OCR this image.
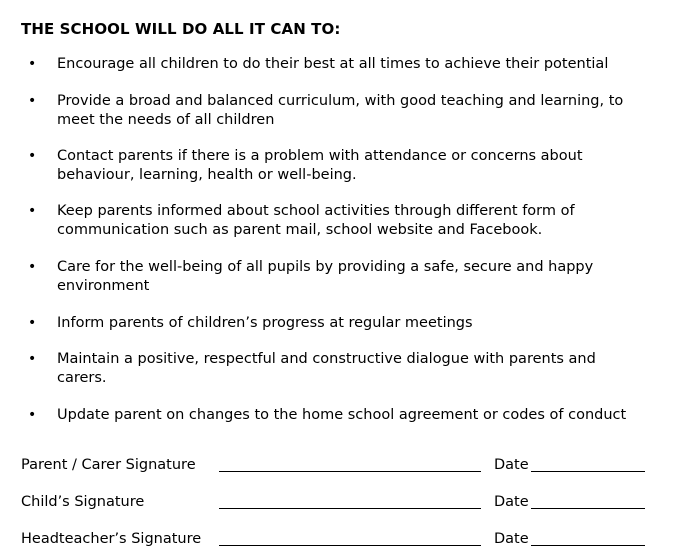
THE SCHOOL WILL DO ALL IT CAN TO:
• Encourage all children to do their best at all times to achieve their potential
• Provide a broad and balanced curriculum, with good teaching and learning, to
meet the needs of all children
• Contact parents if there is a problem with attendance or concerns about
behaviour, learning, health or well-being.
• Keep parents informed about school activities through different form of
communication such as parent mail, school website and Facebook.
• Care for the well-being of all pupils by providing a safe, secure and happy
environment
• Inform parents of children’s progress at regular meetings
• Maintain a positive, respectful and constructive dialogue with parents and
carers.
• Update parent on changes to the home school agreement or codes of conduct
Parent / Carer Signature	Date
Child’s Signature	Date
Headteacher’s Signature	Date
